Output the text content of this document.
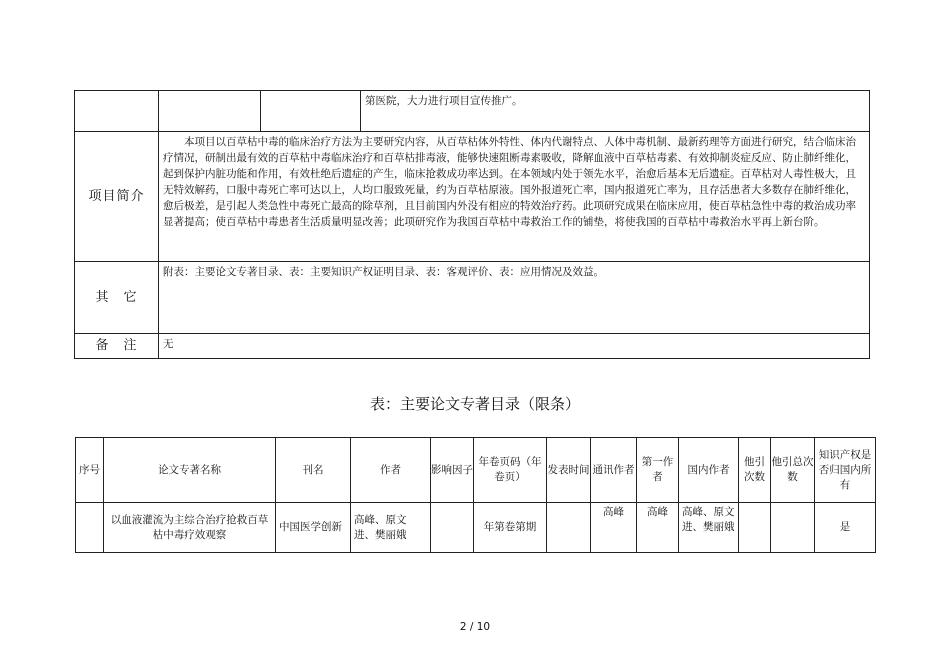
			第医院，大力进行项目宣传推广。
项目简介	本项目以百草枯中毒的临床治疗方法为主要研究内容，从百草枯体外特性、体内代谢特点、人体中毒机制、最新药理等方面进行研究，结合临床治疗情况，研制出最有效的百草枯中毒临床治疗和百草枯排毒液，能够快速阻断毒素吸收，降解血液中百草枯毒素、有效抑制炎症反应、防止肺纤维化，起到保护内脏功能和作用，有效杜绝后遗症的产生，临床抢救成功率达到。在本领域内处于领先水平，治愈后基本无后遗症。百草枯对人毒性极大，且无特效解药，口服中毒死亡率可达以上，人均口服致死量，约为百草枯原液。国外报道死亡率，国内报道死亡率为，且存活患者大多数存在肺纤维化，愈后极差，是引起人类急性中毒死亡最高的除草剂，且目前国内外没有相应的特效治疗药。此项研究成果在临床应用，使百草枯急性中毒的救治成功率显著提高；使百草枯中毒患者生活质量明显改善；此项研究作为我国百草枯中毒救治工作的铺垫，将使我国的百草枯中毒救治水平再上新台阶。		

其　它	附表：主要论文专著目录、表：主要知识产权证明目录、表：客观评价、表：应用情况及效益。		
备　注	无		
表：主要论文专著目录（限条）
序号	论文专著名称	刊名	作者	影响因子	年卷页码（年卷页）	发表时间	通讯作者	第一作者	国内作者	他引次数	他引总次数	知识产权是否归国内所有
	以血液灌流为主综合治疗抢救百草枯中毒疗效观察	中国医学创新	高峰、原文进、樊丽娥		年第卷第期		高峰	高峰	高峰、原文进、樊丽娥			是
2 / 10
